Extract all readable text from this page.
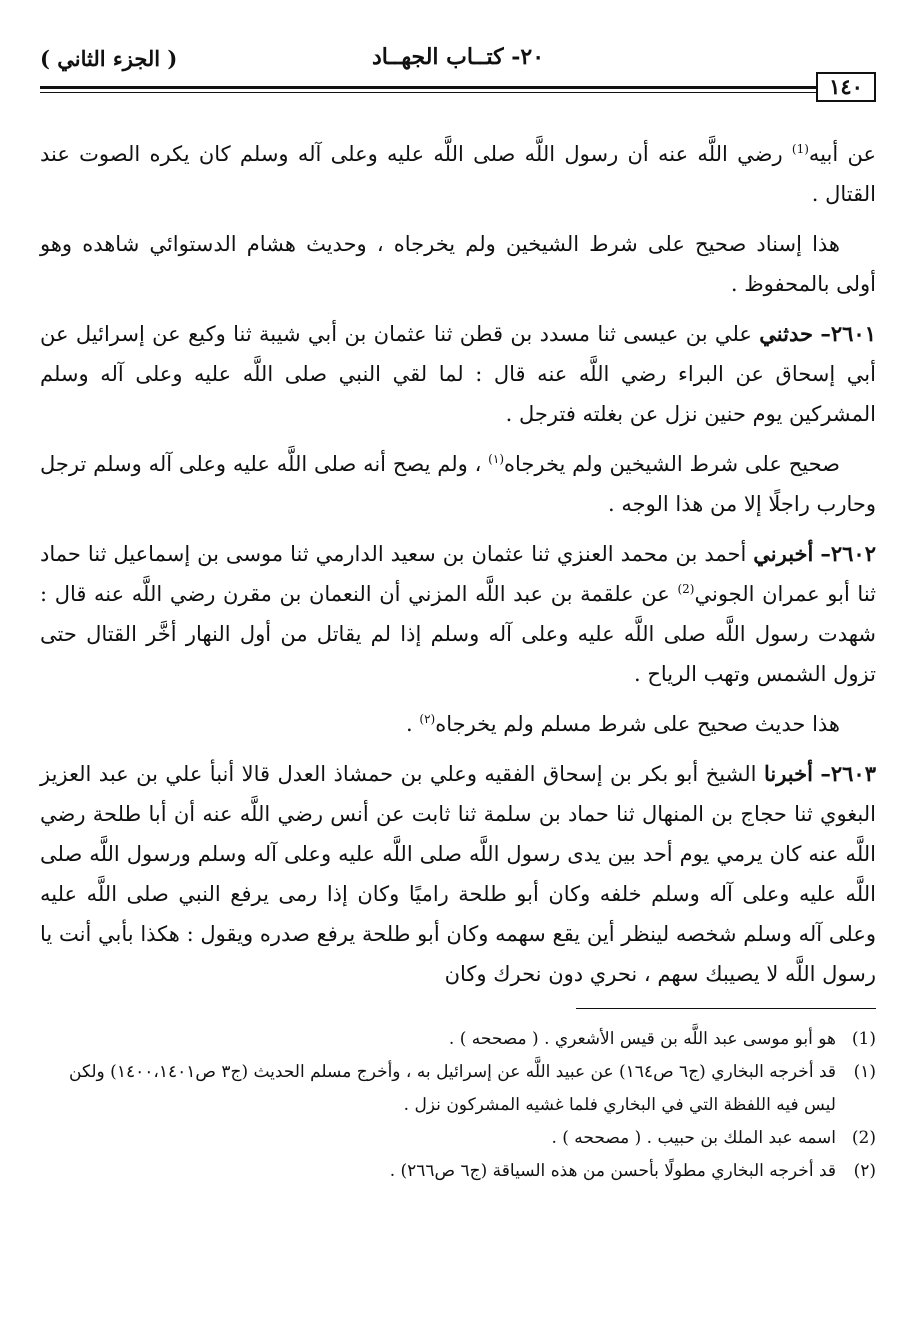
( الجزء الثاني )	٢٠- كتــاب الجهــاد
١٤٠

عن أبيه$^{(1)}$ رضي اللَّه عنه أن رسول اللَّه صلى اللَّه عليه وعلى آله وسلم كان يكره الصوت عند القتال .

هذا إسناد صحيح على شرط الشيخين ولم يخرجاه ، وحديث هشام الدستوائي شاهده وهو أولى بالمحفوظ .

٢٦٠١– حدثني علي بن عيسى ثنا مسدد بن قطن ثنا عثمان بن أبي شيبة ثنا وكيع عن إسرائيل عن أبي إسحاق عن البراء رضي اللَّه عنه قال : لما لقي النبي صلى اللَّه عليه وعلى آله وسلم المشركين يوم حنين نزل عن بغلته فترجل .

صحيح على شرط الشيخين ولم يخرجاه$^{(١)}$ ، ولم يصح أنه صلى اللَّه عليه وعلى آله وسلم ترجل وحارب راجلًا إلا من هذا الوجه .

٢٦٠٢– أخبرني أحمد بن محمد العنزي ثنا عثمان بن سعيد الدارمي ثنا موسى بن إسماعيل ثنا حماد ثنا أبو عمران الجوني$^{(2)}$ عن علقمة بن عبد اللَّه المزني أن النعمان بن مقرن رضي اللَّه عنه قال : شهدت رسول اللَّه صلى اللَّه عليه وعلى آله وسلم إذا لم يقاتل من أول النهار أخَّر القتال حتى تزول الشمس وتهب الرياح .

هذا حديث صحيح على شرط مسلم ولم يخرجاه$^{(٢)}$ .

٢٦٠٣– أخبرنا الشيخ أبو بكر بن إسحاق الفقيه وعلي بن حمشاذ العدل قالا أنبأ علي بن عبد العزيز البغوي ثنا حجاج بن المنهال ثنا حماد بن سلمة ثنا ثابت عن أنس رضي اللَّه عنه أن أبا طلحة رضي اللَّه عنه كان يرمي يوم أحد بين يدى رسول اللَّه صلى اللَّه عليه وعلى آله وسلم ورسول اللَّه صلى اللَّه عليه وعلى آله وسلم خلفه وكان أبو طلحة راميًا وكان إذا رمى يرفع النبي صلى اللَّه عليه وعلى آله وسلم شخصه لينظر أين يقع سهمه وكان أبو طلحة يرفع صدره ويقول : هكذا بأبي أنت يا رسول اللَّه لا يصيبك سهم ، نحري دون نحرك وكان

(1)هو أبو موسى عبد اللَّه بن قيس الأشعري . ( مصححه ) .

(١)قد أخرجه البخاري (ج٦ ص١٦٤) عن عبيد اللَّه عن إسرائيل به ، وأخرج مسلم الحديث (ج٣ ص١٤٠٠،١٤٠١) ولكن ليس فيه اللفظة التي في البخاري فلما غشيه المشركون نزل .

(2)اسمه عبد الملك بن حبيب . ( مصححه ) .

(٢)قد أخرجه البخاري مطولًا بأحسن من هذه السياقة (ج٦ ص٢٦٦) .
